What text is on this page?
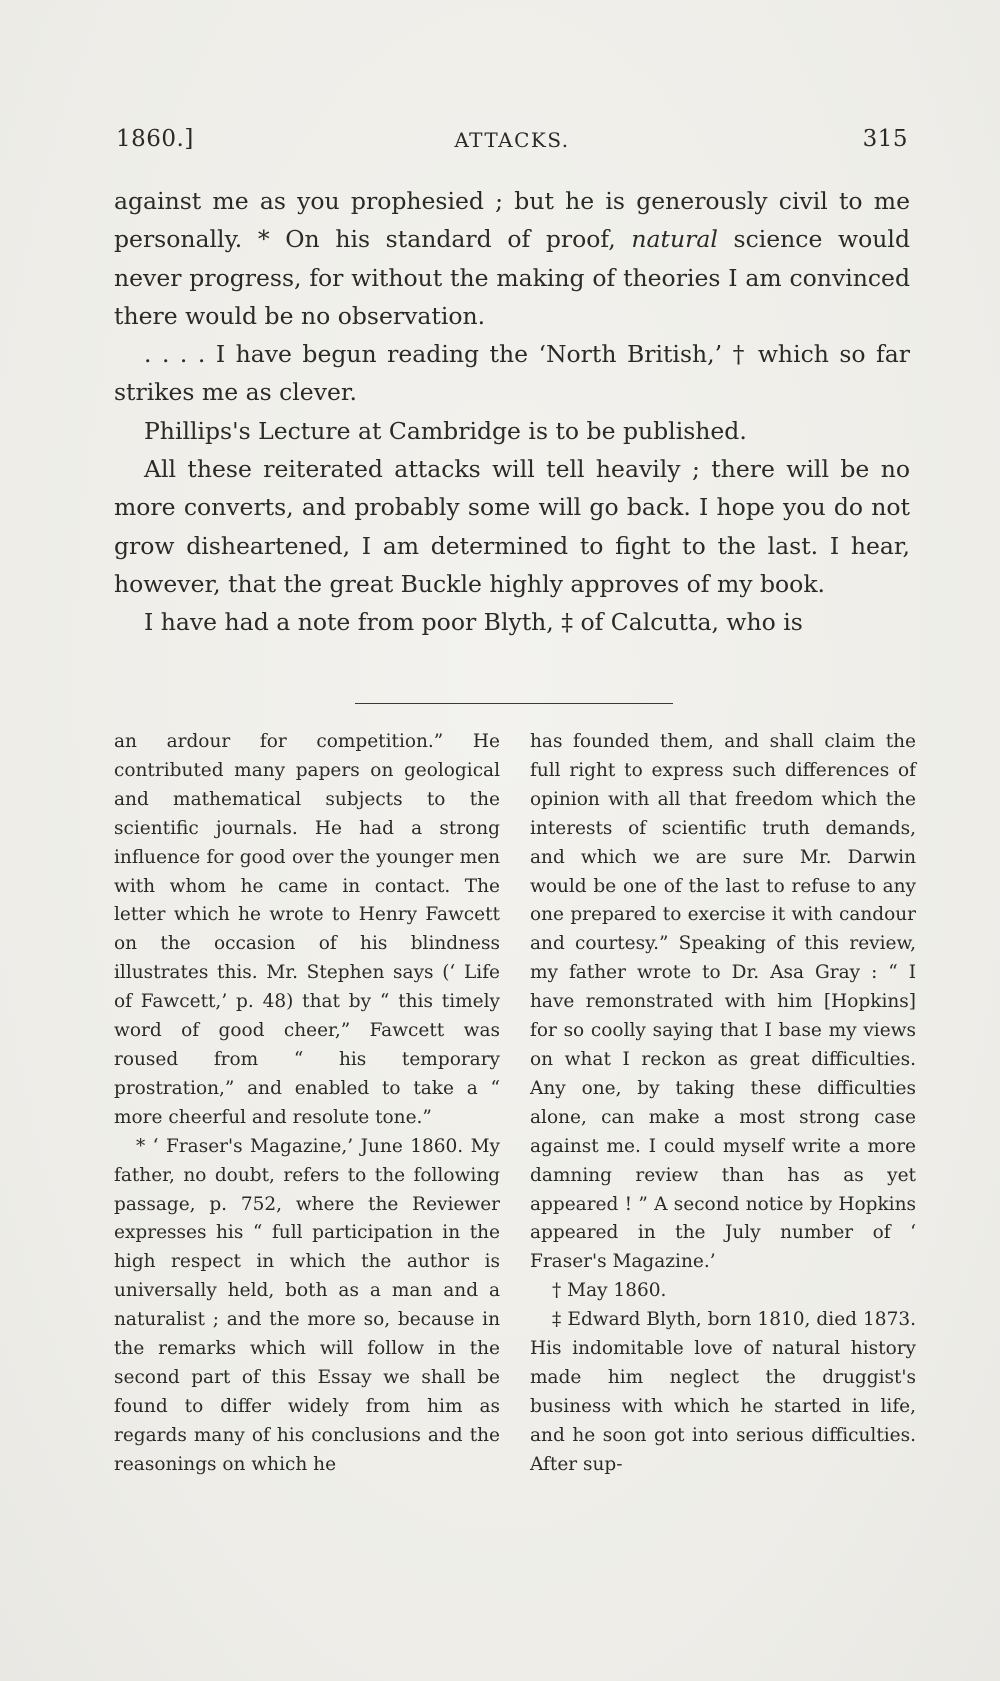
1860.]	ATTACKS.	315

against me as you prophesied ; but he is generously civil to me personally. * On his standard of proof, natural science would never progress, for without the making of theories I am convinced there would be no observation.

. . . . I have begun reading the ‘North British,’ † which so far strikes me as clever.

Phillips's Lecture at Cambridge is to be published.

All these reiterated attacks will tell heavily ; there will be no more converts, and probably some will go back. I hope you do not grow disheartened, I am determined to fight to the last. I hear, however, that the great Buckle highly approves of my book.

I have had a note from poor Blyth, ‡ of Calcutta, who is

an ardour for competition.” He contributed many papers on geological and mathematical subjects to the scientific journals. He had a strong influence for good over the younger men with whom he came in contact. The letter which he wrote to Henry Fawcett on the occasion of his blindness illustrates this. Mr. Stephen says (‘ Life of Fawcett,’ p. 48) that by “ this timely word of good cheer,” Fawcett was roused from “ his temporary prostration,” and enabled to take a “ more cheerful and resolute tone.”

* ‘ Fraser's Magazine,’ June 1860. My father, no doubt, refers to the following passage, p. 752, where the Reviewer expresses his “ full participation in the high respect in which the author is universally held, both as a man and a naturalist ; and the more so, because in the remarks which will follow in the second part of this Essay we shall be found to differ widely from him as regards many of his conclusions and the reasonings on which he

has founded them, and shall claim the full right to express such differences of opinion with all that freedom which the interests of scientific truth demands, and which we are sure Mr. Darwin would be one of the last to refuse to any one prepared to exercise it with candour and courtesy.” Speaking of this review, my father wrote to Dr. Asa Gray : “ I have remonstrated with him [Hopkins] for so coolly saying that I base my views on what I reckon as great difficulties. Any one, by taking these difficulties alone, can make a most strong case against me. I could myself write a more damning review than has as yet appeared ! ” A second notice by Hopkins appeared in the July number of ‘ Fraser's Magazine.’

† May 1860.

‡ Edward Blyth, born 1810, died 1873. His indomitable love of natural history made him neglect the druggist's business with which he started in life, and he soon got into serious difficulties. After sup-
